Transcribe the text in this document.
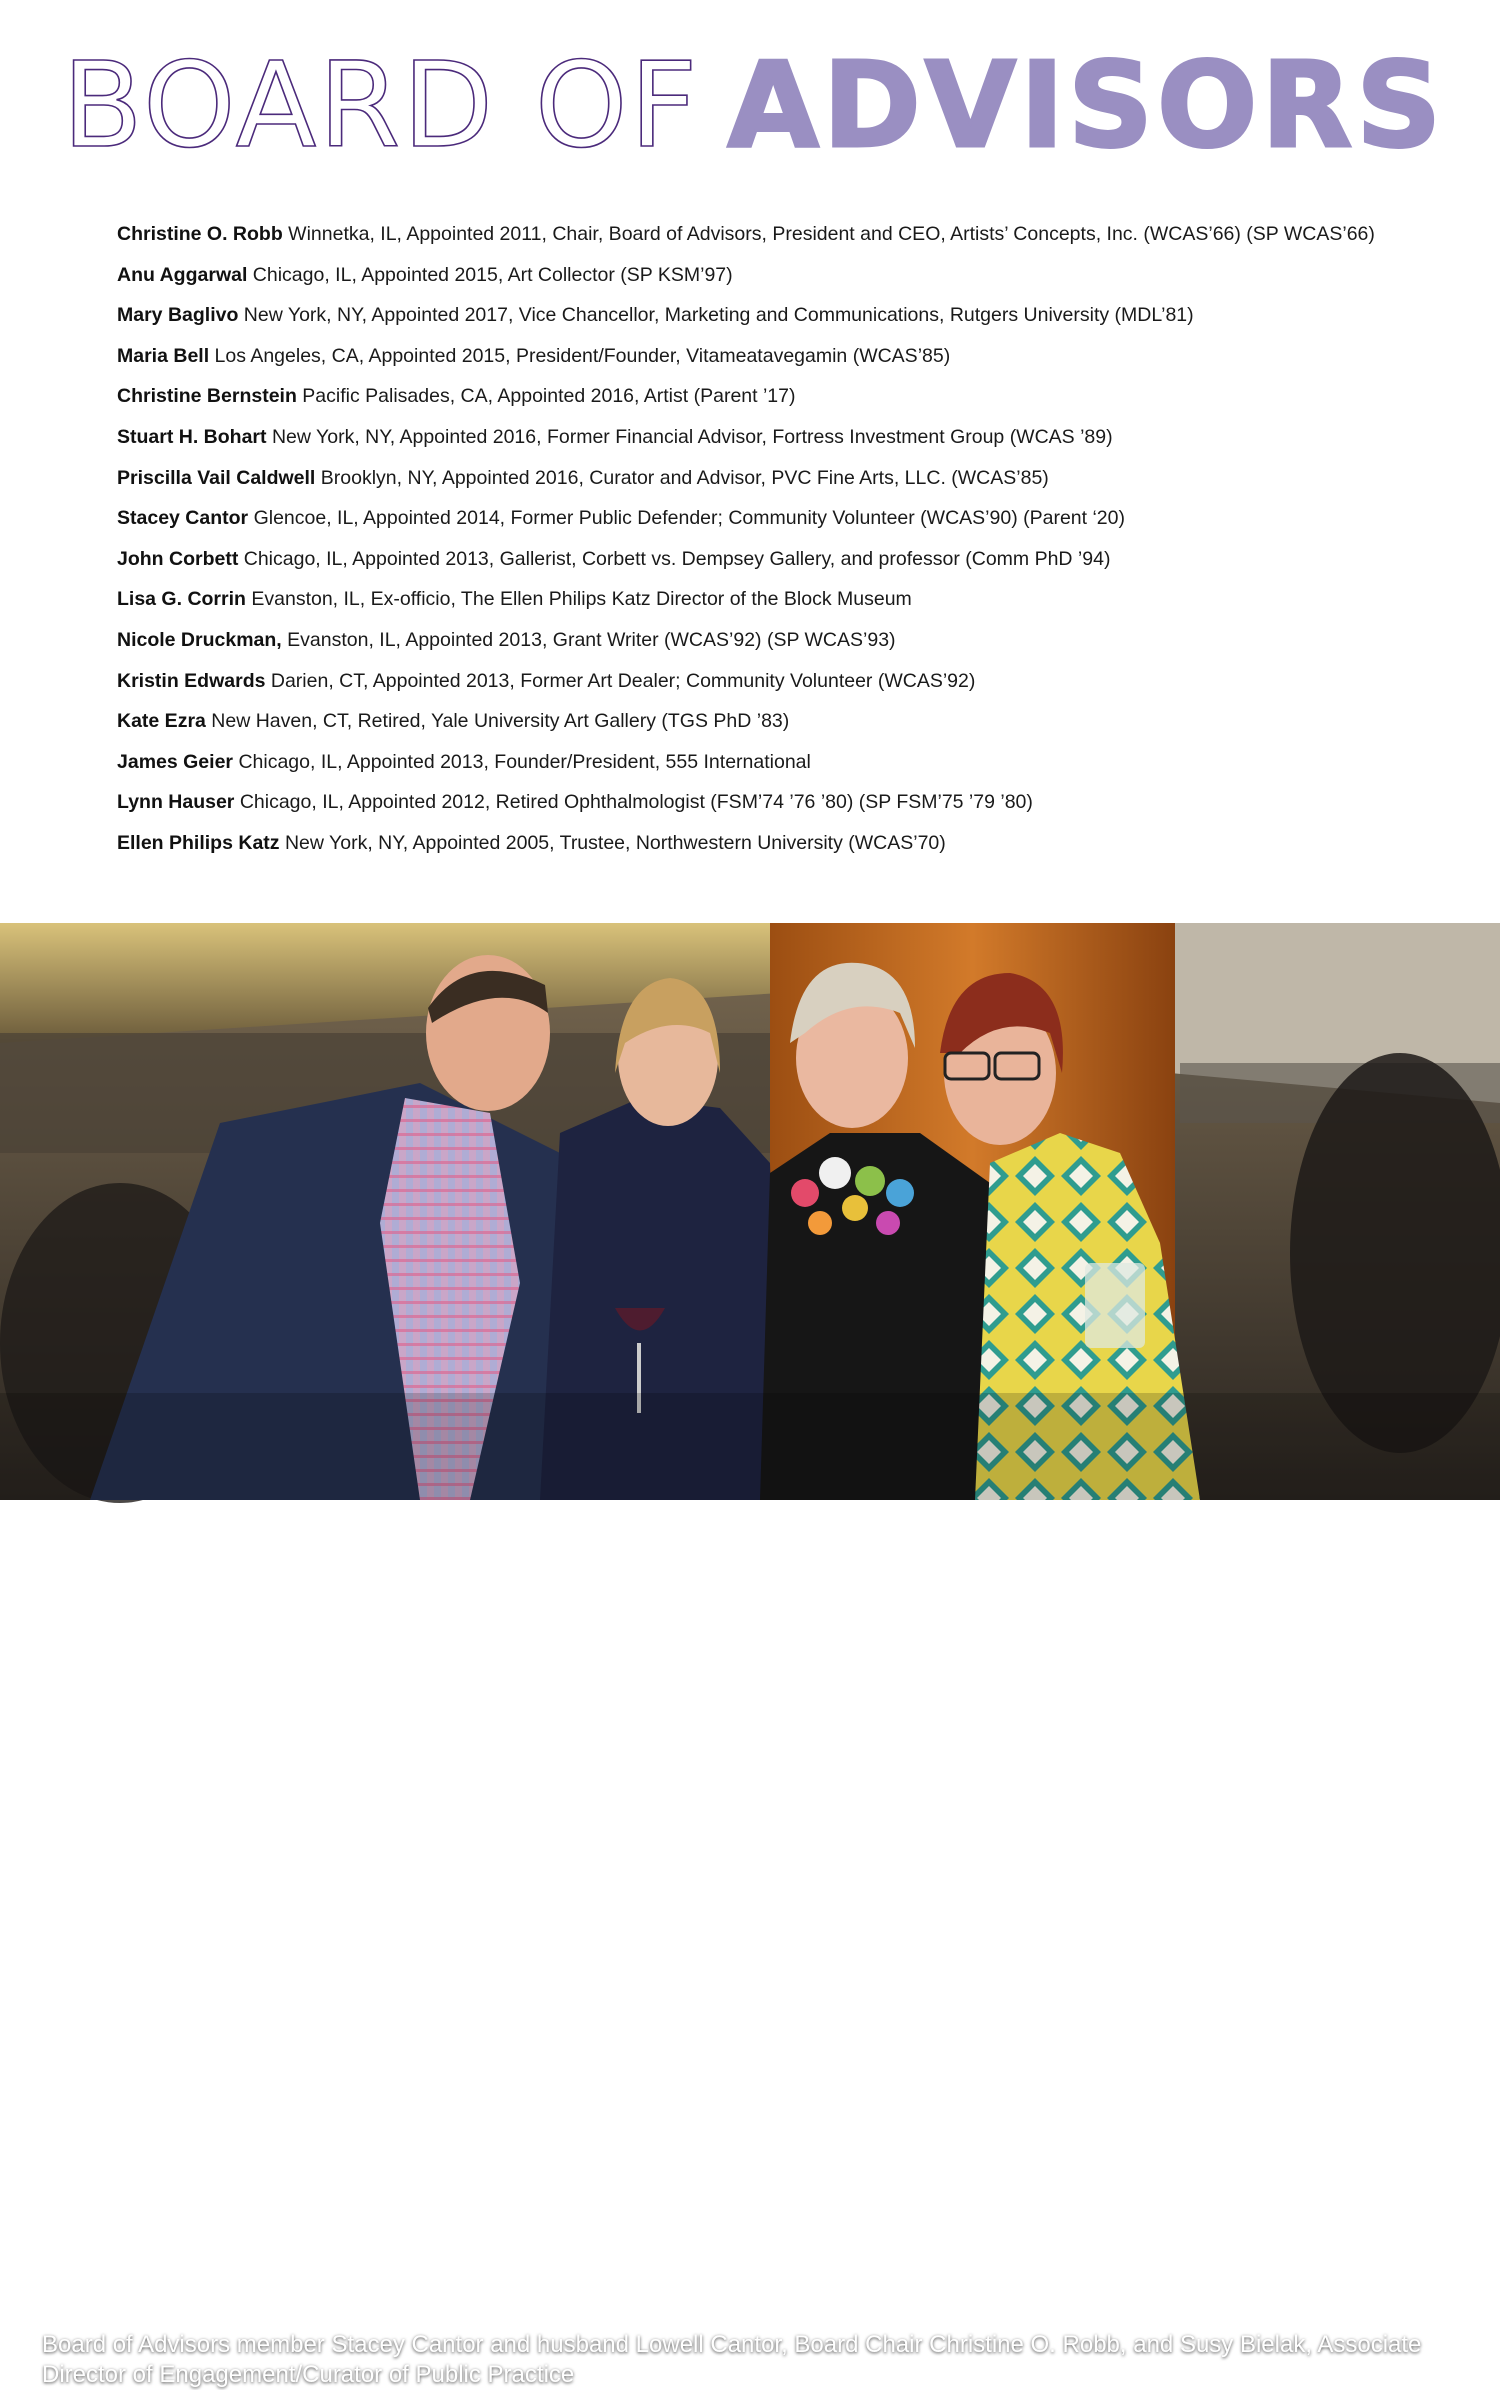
BOARD OF ADVISORS
Christine O. Robb Winnetka, IL, Appointed 2011, Chair, Board of Advisors, President and CEO, Artists’ Concepts, Inc. (WCAS’66) (SP WCAS’66)
Anu Aggarwal Chicago, IL, Appointed 2015, Art Collector (SP KSM’97)
Mary Baglivo New York, NY, Appointed 2017, Vice Chancellor, Marketing and Communications, Rutgers University (MDL’81)
Maria Bell Los Angeles, CA, Appointed 2015, President/Founder, Vitameatavegamin (WCAS’85)
Christine Bernstein Pacific Palisades, CA, Appointed 2016, Artist (Parent ’17)
Stuart H. Bohart New York, NY, Appointed 2016, Former Financial Advisor, Fortress Investment Group (WCAS ’89)
Priscilla Vail Caldwell Brooklyn, NY, Appointed 2016, Curator and Advisor, PVC Fine Arts, LLC. (WCAS’85)
Stacey Cantor Glencoe, IL, Appointed 2014, Former Public Defender; Community Volunteer (WCAS’90) (Parent ‘20)
John Corbett Chicago, IL, Appointed 2013, Gallerist, Corbett vs. Dempsey Gallery, and professor (Comm PhD ’94)
Lisa G. Corrin Evanston, IL, Ex-officio, The Ellen Philips Katz Director of the Block Museum
Nicole Druckman, Evanston, IL, Appointed 2013, Grant Writer (WCAS’92) (SP WCAS’93)
Kristin Edwards Darien, CT, Appointed 2013, Former Art Dealer; Community Volunteer (WCAS’92)
Kate Ezra New Haven, CT, Retired, Yale University Art Gallery (TGS PhD ’83)
James Geier Chicago, IL, Appointed 2013, Founder/President, 555 International
Lynn Hauser Chicago, IL, Appointed 2012, Retired Ophthalmologist (FSM’74 ’76 ’80) (SP FSM’75 ’79 ’80)
Ellen Philips Katz New York, NY, Appointed 2005, Trustee, Northwestern University (WCAS’70)
Board of Advisors member Stacey Cantor and husband Lowell Cantor, Board Chair Christine O. Robb, and Susy Bielak, Associate Director of Engagement/Curator of Public Practice
